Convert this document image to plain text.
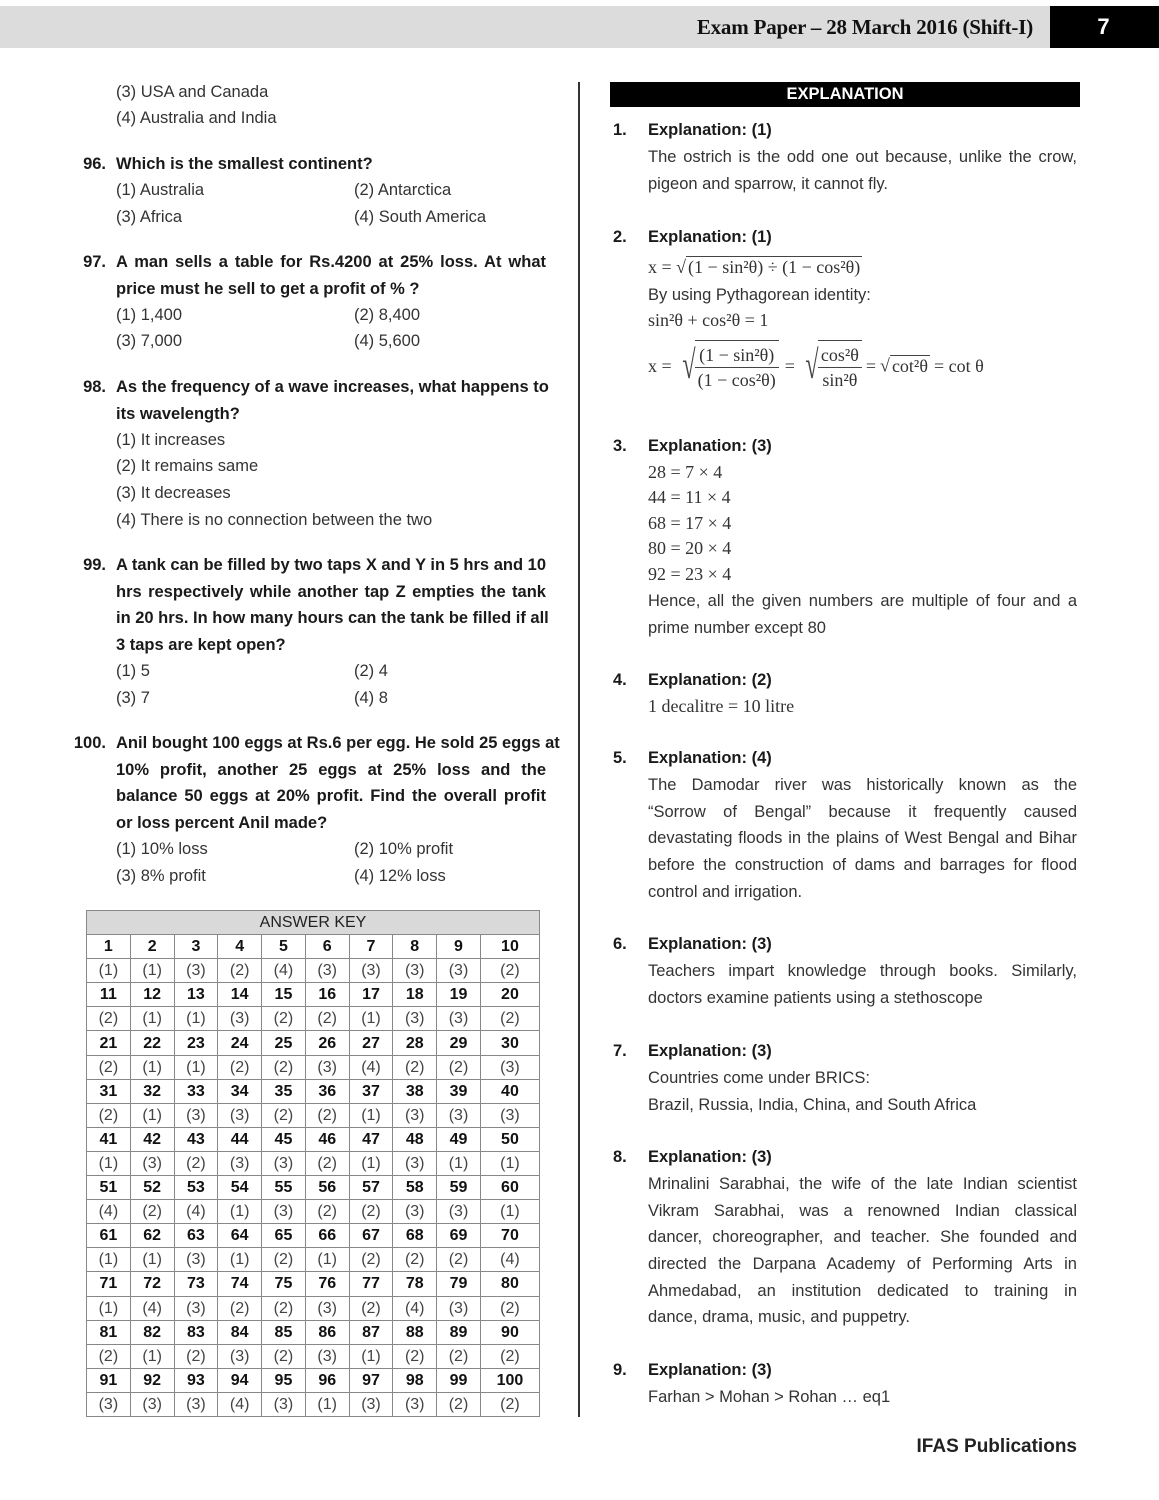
Exam Paper – 28 March 2016 (Shift-I)	7
(3) USA and Canada
(4) Australia and India
96. Which is the smallest continent?
(1) Australia	(2) Antarctica
(3) Africa	(4) South America
97. A man sells a table for Rs.4200 at 25% loss. At what
price must he sell to get a profit of % ?
(1) 1,400	(2) 8,400
(3) 7,000	(4) 5,600
98. As the frequency of a wave increases, what happens to
its wavelength?
(1) It increases
(2) It remains same
(3) It decreases
(4) There is no connection between the two
99. A tank can be filled by two taps X and Y in 5 hrs and 10
hrs respectively while another tap Z empties the tank
in 20 hrs. In how many hours can the tank be filled if all
3 taps are kept open?
(1) 5	(2) 4
(3) 7	(4) 8
100. Anil bought 100 eggs at Rs.6 per egg. He sold 25 eggs at
10% profit, another 25 eggs at 25% loss and the
balance 50 eggs at 20% profit. Find the overall profit
or loss percent Anil made?
(1) 10% loss	(2) 10% profit
(3) 8% profit	(4) 12% loss
ANSWER KEY									
1	2	3	4	5	6	7	8	9	10
(1)	(1)	(3)	(2)	(4)	(3)	(3)	(3)	(3)	(2)
11	12	13	14	15	16	17	18	19	20
(2)	(1)	(1)	(3)	(2)	(2)	(1)	(3)	(3)	(2)
21	22	23	24	25	26	27	28	29	30
(2)	(1)	(1)	(2)	(2)	(3)	(4)	(2)	(2)	(3)
31	32	33	34	35	36	37	38	39	40
(2)	(1)	(3)	(3)	(2)	(2)	(1)	(3)	(3)	(3)
41	42	43	44	45	46	47	48	49	50
(1)	(3)	(2)	(3)	(3)	(2)	(1)	(3)	(1)	(1)
51	52	53	54	55	56	57	58	59	60
(4)	(2)	(4)	(1)	(3)	(2)	(2)	(3)	(3)	(1)
61	62	63	64	65	66	67	68	69	70
(1)	(1)	(3)	(1)	(2)	(1)	(2)	(2)	(2)	(4)
71	72	73	74	75	76	77	78	79	80
(1)	(4)	(3)	(2)	(2)	(3)	(2)	(4)	(3)	(2)
81	82	83	84	85	86	87	88	89	90
(2)	(1)	(2)	(3)	(2)	(3)	(1)	(2)	(2)	(2)
91	92	93	94	95	96	97	98	99	100
(3)	(3)	(3)	(4)	(3)	(1)	(3)	(3)	(2)	(2)
EXPLANATION
1. Explanation: (1)
The ostrich is the odd one out because, unlike the crow,
pigeon and sparrow, it cannot fly.
2. Explanation: (1)
x = √ (1 − sin²θ) ÷ (1 − cos²θ)
By using Pythagorean identity:
sin²θ + cos²θ = 1
x = √ $\frac{\text{(1 − sin²θ)}}{\text{(1 − cos²θ)}}$ = √ $\frac{\text{cos²θ}}{\text{sin²θ}}$ = √ cot²θ = cot θ
3. Explanation: (3)
28 = 7 × 4
44 = 11 × 4
68 = 17 × 4
80 = 20 × 4
92 = 23 × 4
Hence, all the given numbers are multiple of four and a
prime number except 80
4. Explanation: (2)
1 decalitre = 10 litre
5. Explanation: (4)
The Damodar river was historically known as the
“Sorrow of Bengal” because it frequently caused
devastating floods in the plains of West Bengal and Bihar
before the construction of dams and barrages for flood
control and irrigation.
6. Explanation: (3)
Teachers impart knowledge through books. Similarly,
doctors examine patients using a stethoscope
7. Explanation: (3)
Countries come under BRICS:
Brazil, Russia, India, China, and South Africa
8. Explanation: (3)
Mrinalini Sarabhai, the wife of the late Indian scientist
Vikram Sarabhai, was a renowned Indian classical
dancer, choreographer, and teacher. She founded and
directed the Darpana Academy of Performing Arts in
Ahmedabad, an institution dedicated to training in
dance, drama, music, and puppetry.
9. Explanation: (3)
Farhan > Mohan > Rohan … eq1
IFAS Publications
